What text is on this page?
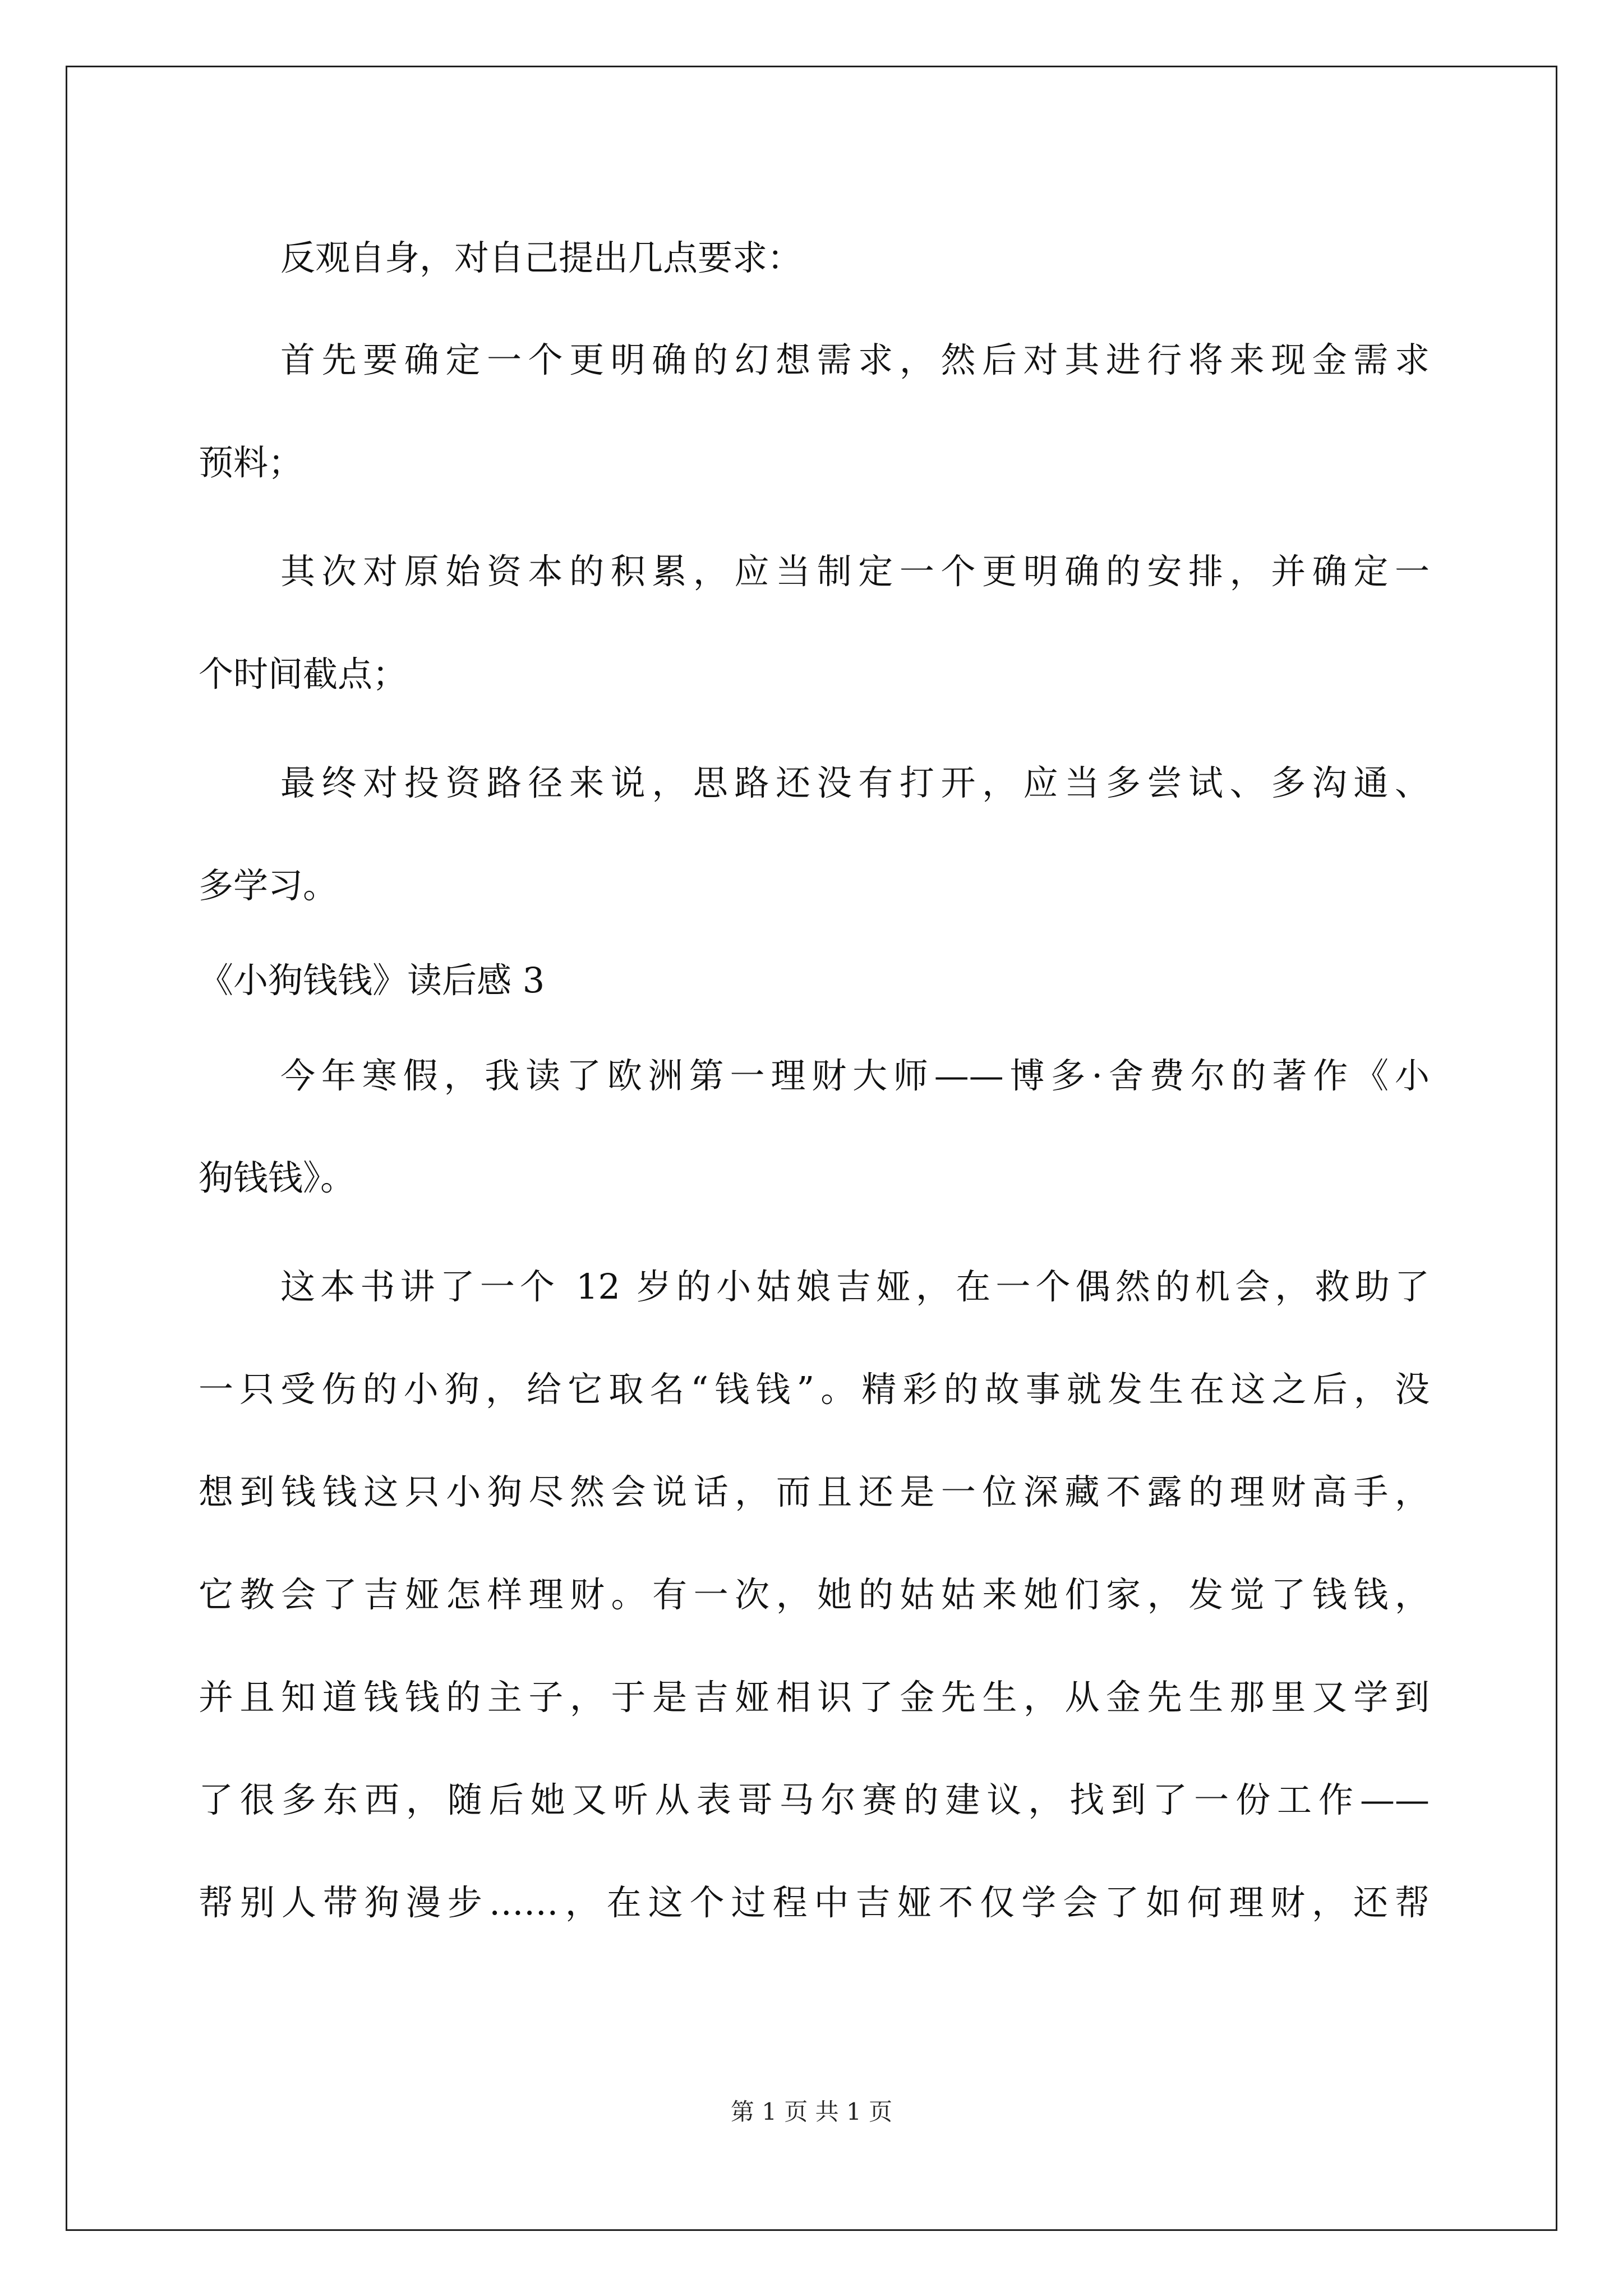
反观自身，对自己提出几点要求：
首先要确定一个更明确的幻想需求，然后对其进行将来现金需求
预料；
其次对原始资本的积累，应当制定一个更明确的安排，并确定一
个时间截点；
最终对投资路径来说，思路还没有打开，应当多尝试、多沟通、
多学习。
《小狗钱钱》读后感 3
今年寒假，我读了欧洲第一理财大师——博多·舍费尔的著作《小
狗钱钱》。
这本书讲了一个 12 岁的小姑娘吉娅，在一个偶然的机会，救助了
一只受伤的小狗，给它取名“钱钱”。精彩的故事就发生在这之后，没
想到钱钱这只小狗尽然会说话，而且还是一位深藏不露的理财高手，
它教会了吉娅怎样理财。有一次，她的姑姑来她们家，发觉了钱钱，
并且知道钱钱的主子，于是吉娅相识了金先生，从金先生那里又学到
了很多东西，随后她又听从表哥马尔赛的建议，找到了一份工作——
帮别人带狗漫步……，在这个过程中吉娅不仅学会了如何理财，还帮
第 1 页 共 1 页
